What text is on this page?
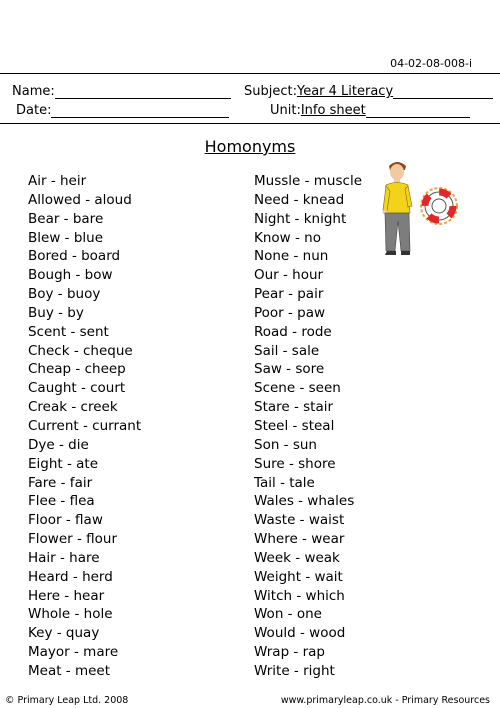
04-02-08-008-i
Name:
Date:
Subject: Year 4 Literacy
Unit: Info sheet
Homonyms
Air - heir
Allowed - aloud
Bear - bare
Blew - blue
Bored - board
Bough - bow
Boy - buoy
Buy - by
Scent - sent
Check - cheque
Cheap - cheep
Caught - court
Creak - creek
Current - currant
Dye - die
Eight - ate
Fare - fair
Flee - flea
Floor - flaw
Flower - flour
Hair - hare
Heard - herd
Here - hear
Whole - hole
Key - quay
Mayor - mare
Meat - meet
Mussle - muscle
Need - knead
Night - knight
Know - no
None - nun
Our - hour
Pear - pair
Poor - paw
Road - rode
Sail - sale
Saw - sore
Scene - seen
Stare - stair
Steel - steal
Son - sun
Sure - shore
Tail - tale
Wales - whales
Waste - waist
Where - wear
Week - weak
Weight - wait
Witch - which
Won - one
Would - wood
Wrap - rap
Write - right
© Primary Leap Ltd. 2008	www.primaryleap.co.uk - Primary Resources
